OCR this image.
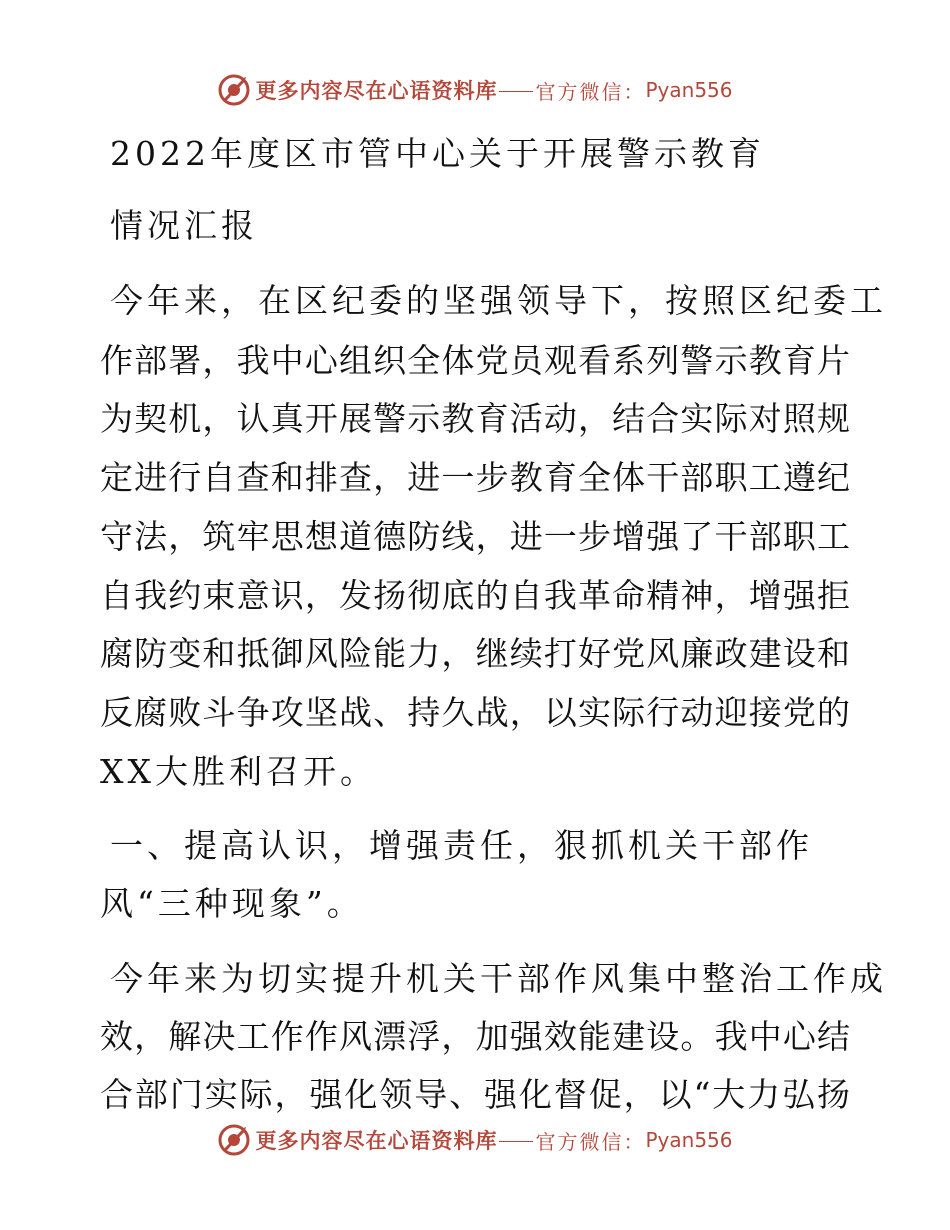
更多内容尽在心语资料库 官方微信： Pyan556
2022年度区市管中心关于开展警示教育
情况汇报
今年来，在区纪委的坚强领导下，按照区纪委工
作部署，我中心组织全体党员观看系列警示教育片
为契机，认真开展警示教育活动，结合实际对照规
定进行自查和排查，进一步教育全体干部职工遵纪
守法，筑牢思想道德防线，进一步增强了干部职工
自我约束意识，发扬彻底的自我革命精神，增强拒
腐防变和抵御风险能力，继续打好党风廉政建设和
反腐败斗争攻坚战、持久战，以实际行动迎接党的
XX大胜利召开。
一、提高认识，增强责任，狠抓机关干部作
风“三种现象”。
今年来为切实提升机关干部作风集中整治工作成
效，解决工作作风漂浮，加强效能建设。我中心结
合部门实际，强化领导、强化督促，以“大力弘扬
更多内容尽在心语资料库 官方微信： Pyan556
